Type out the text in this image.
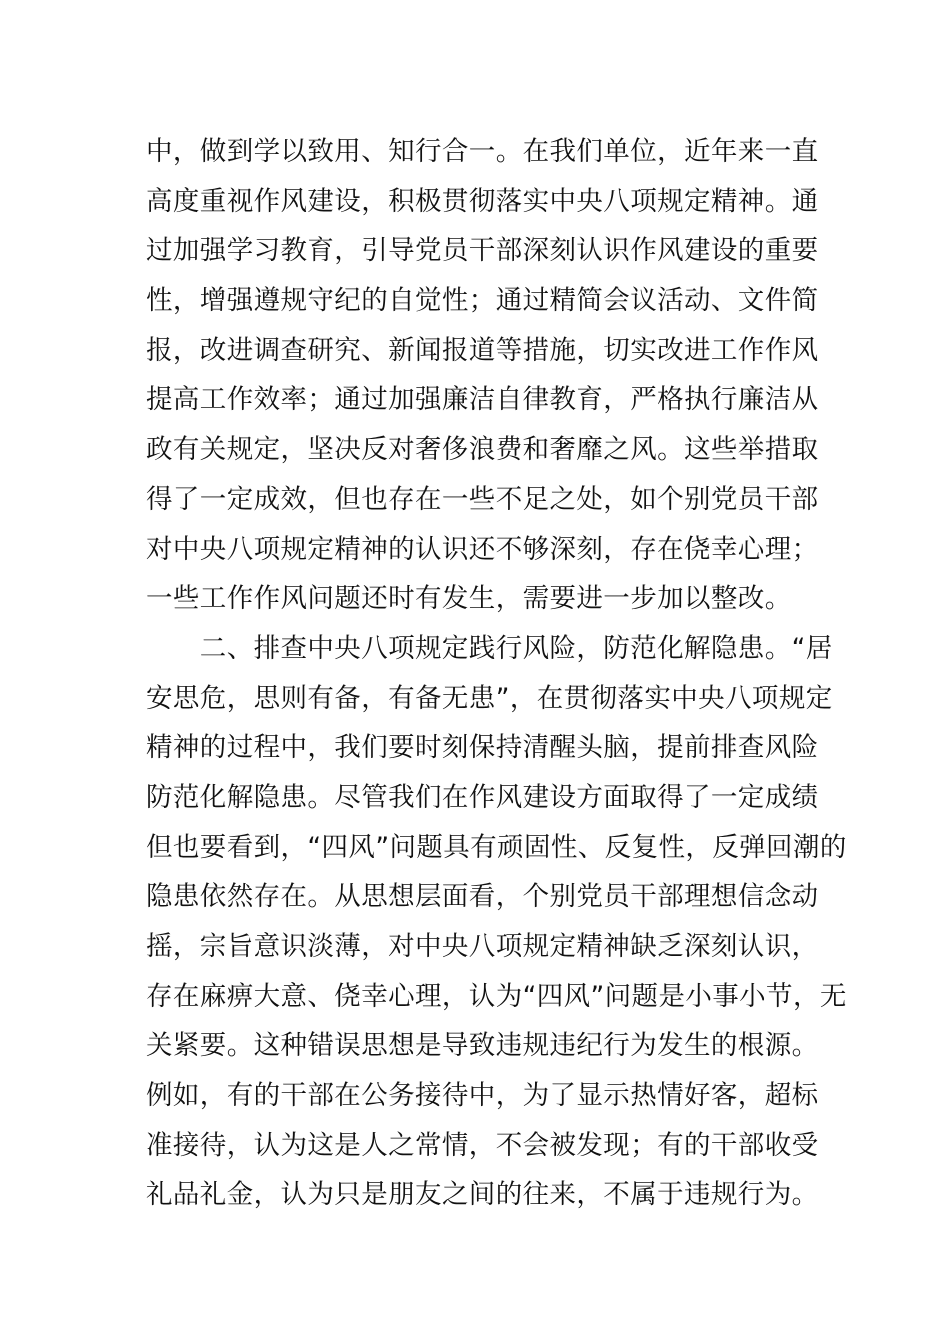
中，做到学以致用、知行合一。在我们单位，近年来一直
高度重视作风建设，积极贯彻落实中央八项规定精神。通
过加强学习教育，引导党员干部深刻认识作风建设的重要
性，增强遵规守纪的自觉性；通过精简会议活动、文件简
报，改进调查研究、新闻报道等措施，切实改进工作作风
提高工作效率；通过加强廉洁自律教育，严格执行廉洁从
政有关规定，坚决反对奢侈浪费和奢靡之风。这些举措取
得了一定成效，但也存在一些不足之处，如个别党员干部
对中央八项规定精神的认识还不够深刻，存在侥幸心理；
一些工作作风问题还时有发生，需要进一步加以整改。
　　二、排查中央八项规定践行风险，防范化解隐患。“居
安思危，思则有备，有备无患”，在贯彻落实中央八项规定
精神的过程中，我们要时刻保持清醒头脑，提前排查风险
防范化解隐患。尽管我们在作风建设方面取得了一定成绩
但也要看到，“四风”问题具有顽固性、反复性，反弹回潮的
隐患依然存在。从思想层面看，个别党员干部理想信念动
摇，宗旨意识淡薄，对中央八项规定精神缺乏深刻认识，
存在麻痹大意、侥幸心理，认为“四风”问题是小事小节，无
关紧要。这种错误思想是导致违规违纪行为发生的根源。
例如，有的干部在公务接待中，为了显示热情好客，超标
准接待，认为这是人之常情，不会被发现；有的干部收受
礼品礼金，认为只是朋友之间的往来，不属于违规行为。
